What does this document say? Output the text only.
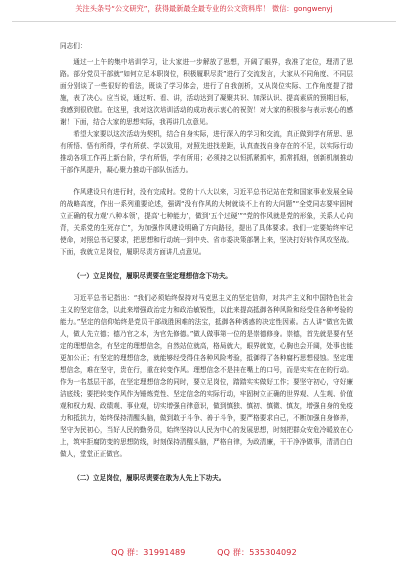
关注头条号“公文研究”，获得最新最全最专业的公文资料库！ 微信：gongwenyj

同志们：

通过一上午的集中培训学习，让大家进一步解放了思想，开阔了眼界，我准了定位，理清了思路。部分党员干部就“如何立足本职岗位，积极履职尽责”进行了交流发言，大家从不同角度、不同层面分别谈了一些很好的看法，既谈了学习体会，进行了自我剖析，又从岗位实际、工作角度提了措施，表了决心。应当说，通过听、看、讲，活动达到了凝聚共识、加深认识、提高素质的预期目标，我感到很欣慰。在这里，我对这次培训活动的成功表示衷心的祝贺！对大家的积极参与表示衷心的感谢！下面，结合大家的思想实际，我再讲几点意见。

希望大家要以这次活动为契机，结合自身实际，进行深入的学习和交流，真正做到学有所思、思有所悟、悟有所得，学有所获、学以致用，对照先进找差距，认真查找自身存在的不足，以实际行动推动各项工作再上新台阶，学有所悟，学有所用；必须持之以恒抓紧抓牢，抓常抓细，创新机制推动干部作风提升，凝心聚力推动干部队伍活力。

作风建设只有进行时，没有完成时。党的十八大以来，习近平总书记站在党和国家事业发展全局的战略高度，作出一系列重要论述，强调“没有作风的大树就谈不上有的大问题”“全党同志要牢固树立正确的权力观‘八种本领’，提高‘七种能力’，做到‘五个过硬’”“党的作风就是党的形象，关系人心向背，关系党的生死存亡”，为加强作风建设明确了方向路径，提出了具体要求。我们一定要始终牢记使命，对照总书记要求，把思想和行动统一到中央、省市委决策部署上来，坚决打好转作风攻坚战。下面，我就立足岗位，履职尽责方面讲几点意见。

（一）立足岗位，履职尽责要在坚定理想信念下功夫。

习近平总书记指出：“我们必须始终保持对马克思主义的坚定信仰，对共产主义和中国特色社会主义的坚定信念，以此来增强政治定力和政治敏锐性，以此来提高抵御各种风险和经受住各种考验的能力。”坚定的信仰始终是党员干部战胜困难的法宝，抵御各种诱惑的决定性因素。古人讲“做官先做人，做人先立德；德乃官之本，为官先修德。”做人做事第一位的是崇德修身。崇德，首先就是要有坚定的理想信念，有坚定的理想信念，自然站位就高，格局就大，眼界就宽，心胸也会开阔，处事也能更加公正；有坚定的理想信念，就能够经受得住各种风险考验，抵御得了各种腐朽思想侵蚀。坚定理想信念，难在坚守，贵在行，重在转变作风。理想信念不是挂在嘴上的口号，而是实实在在的行动。作为一名基层干部，在坚定理想信念的同时，要立足岗位，踏踏实实做好工作；要坚守初心，守好廉洁底线；要把转变作风作为锤炼党性、坚定信念的实际行动，牢固树立正确的世界观、人生观、价值观和权力观、政绩观、事业观，切实增强自律意识，做到慎独、慎初、慎微、慎友，增强自身的免疫力和抵抗力，始终保持清醒头脑，做到敢于斗争、善于斗争，要严格要求自己，不断加强自身修养，坚守为民初心，当好人民的勤务员，始终坚持以人民为中心的发展思想，时刻把群众安危冷暖放在心上，筑牢拒腐防变的思想防线，时刻保持清醒头脑，严格自律，为政清廉，干干净净做事，清清白白做人，堂堂正正做官。

（二）立足岗位，履职尽责要在敢为人先上下功夫。

QQ 群：31991489	QQ 群：535304092
